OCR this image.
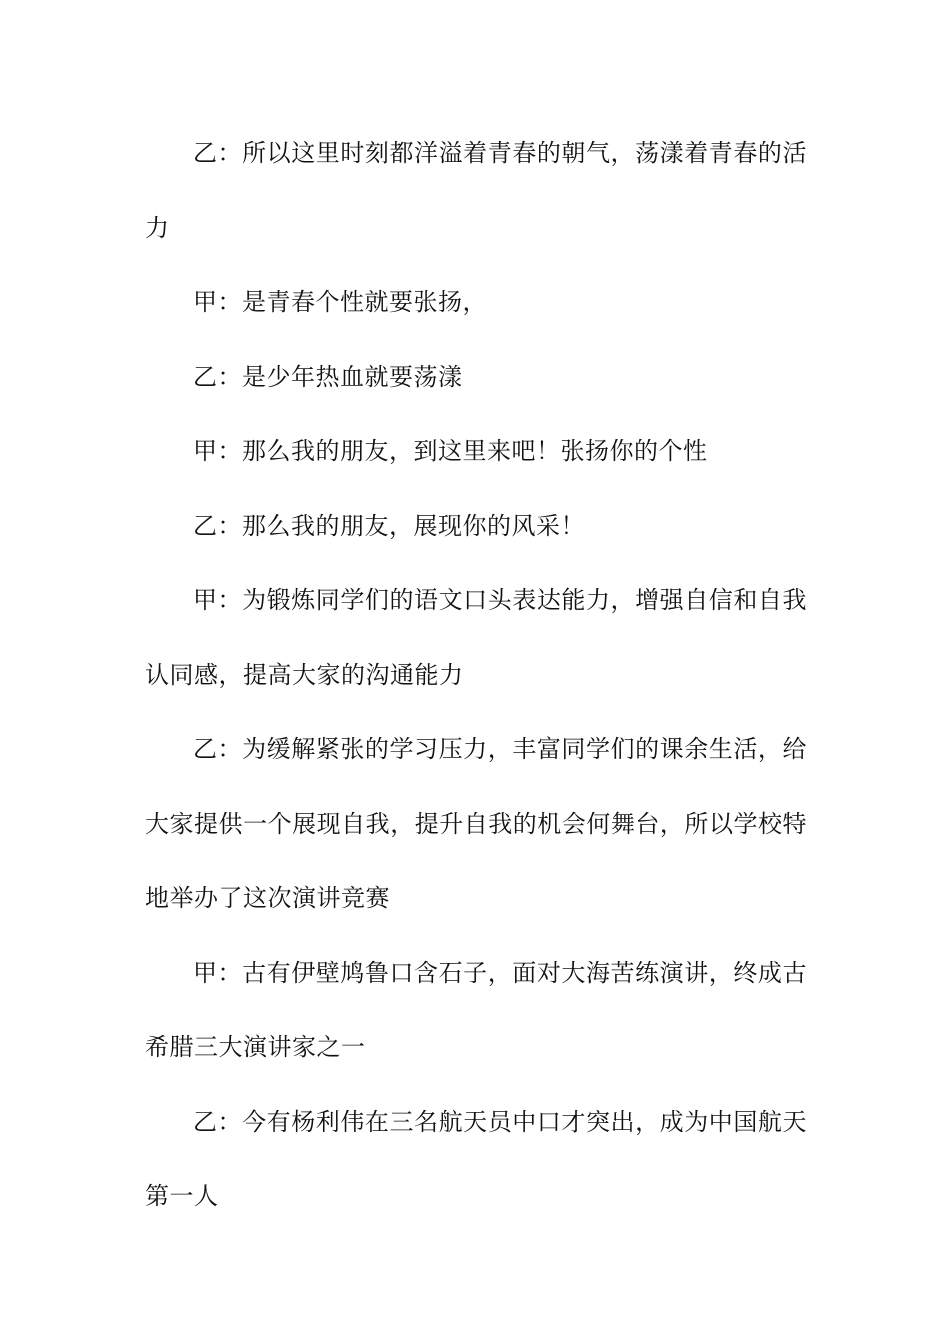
乙：所以这里时刻都洋溢着青春的朝气，荡漾着青春的活力

甲：是青春个性就要张扬，

乙：是少年热血就要荡漾

甲：那么我的朋友，到这里来吧！张扬你的个性

乙：那么我的朋友，展现你的风采！

甲：为锻炼同学们的语文口头表达能力，增强自信和自我认同感，提高大家的沟通能力

乙：为缓解紧张的学习压力，丰富同学们的课余生活，给大家提供一个展现自我，提升自我的机会何舞台，所以学校特地举办了这次演讲竞赛

甲：古有伊壁鸠鲁口含石子，面对大海苦练演讲，终成古希腊三大演讲家之一

乙：今有杨利伟在三名航天员中口才突出，成为中国航天第一人
